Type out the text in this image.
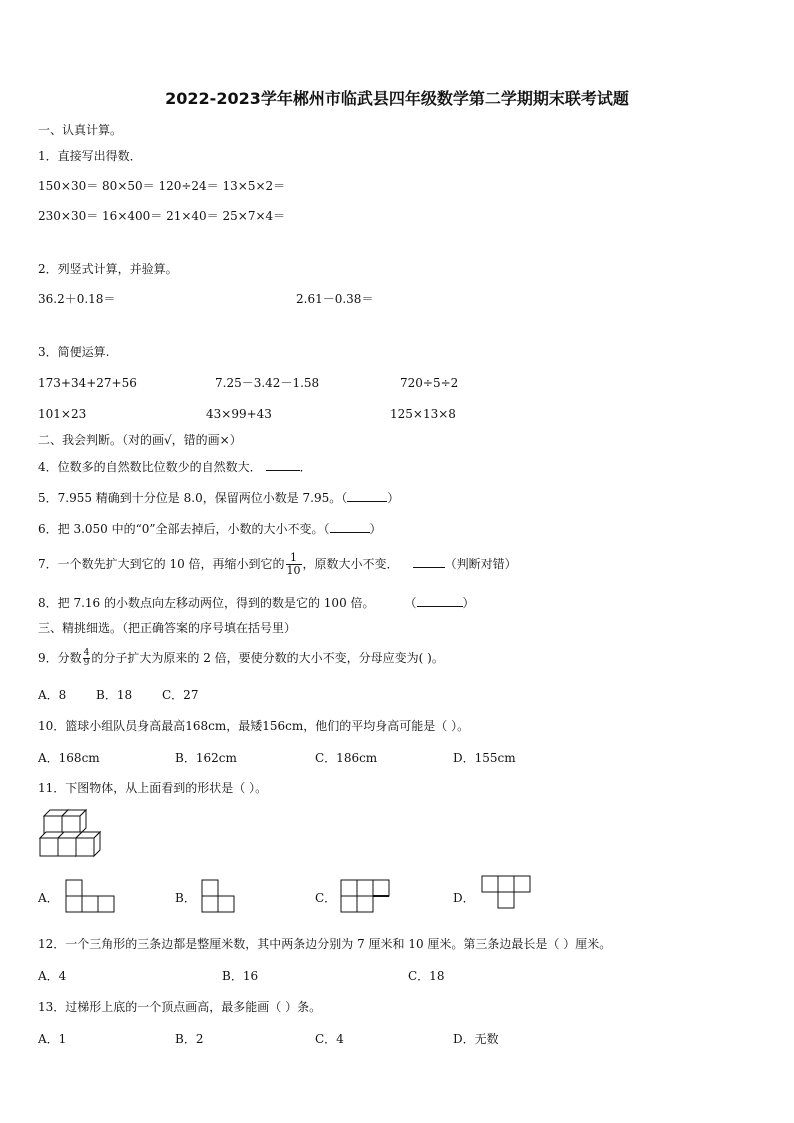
2022-2023学年郴州市临武县四年级数学第二学期期末联考试题
一、认真计算。
1．直接写出得数．
150×30＝ 80×50＝ 120÷24＝ 13×5×2＝
230×30＝ 16×400＝ 21×40＝ 25×7×4＝
2．列竖式计算，并验算。
36.2＋0.18＝	2.61－0.38＝
3．简便运算.
173+34+27+56	7.25－3.42－1.58	720÷5÷2
101×23	43×99+43	125×13×8
二、我会判断。（对的画√，错的画×）
4．位数多的自然数比位数少的自然数大．	．
5．7.955 精确到十分位是 8.0，保留两位小数是 7.95。（	）
6．把 3.050 中的“0”全部去掉后，小数的大小不变。（	）
7．一个数先扩大到它的 10 倍，再缩小到它的 $\frac{1}{10}$ ，原数大小不变．	（判断对错）
8．把 7.16 的小数点向左移动两位，得到的数是它的 100 倍。	（	）
三、精挑细选。（把正确答案的序号填在括号里）
9．分数 $\frac{4}{9}$ 的分子扩大为原来的 2 倍，要使分数的大小不变，分母应变为( )。
A．8 B．18 C．27
10．篮球小组队员身高最高168cm，最矮156cm，他们的平均身高可能是（ ）。
A．168cm	B．162cm	C．186cm	D．155cm
11．下图物体，从上面看到的形状是（ ）。
A．	B．	C．	D．
12．一个三角形的三条边都是整厘米数，其中两条边分别为 7 厘米和 10 厘米。第三条边最长是（ ）厘米。
A．4	B．16	C．18
13．过梯形上底的一个顶点画高，最多能画（ ）条。
A．1	B．2	C．4	D．无数
